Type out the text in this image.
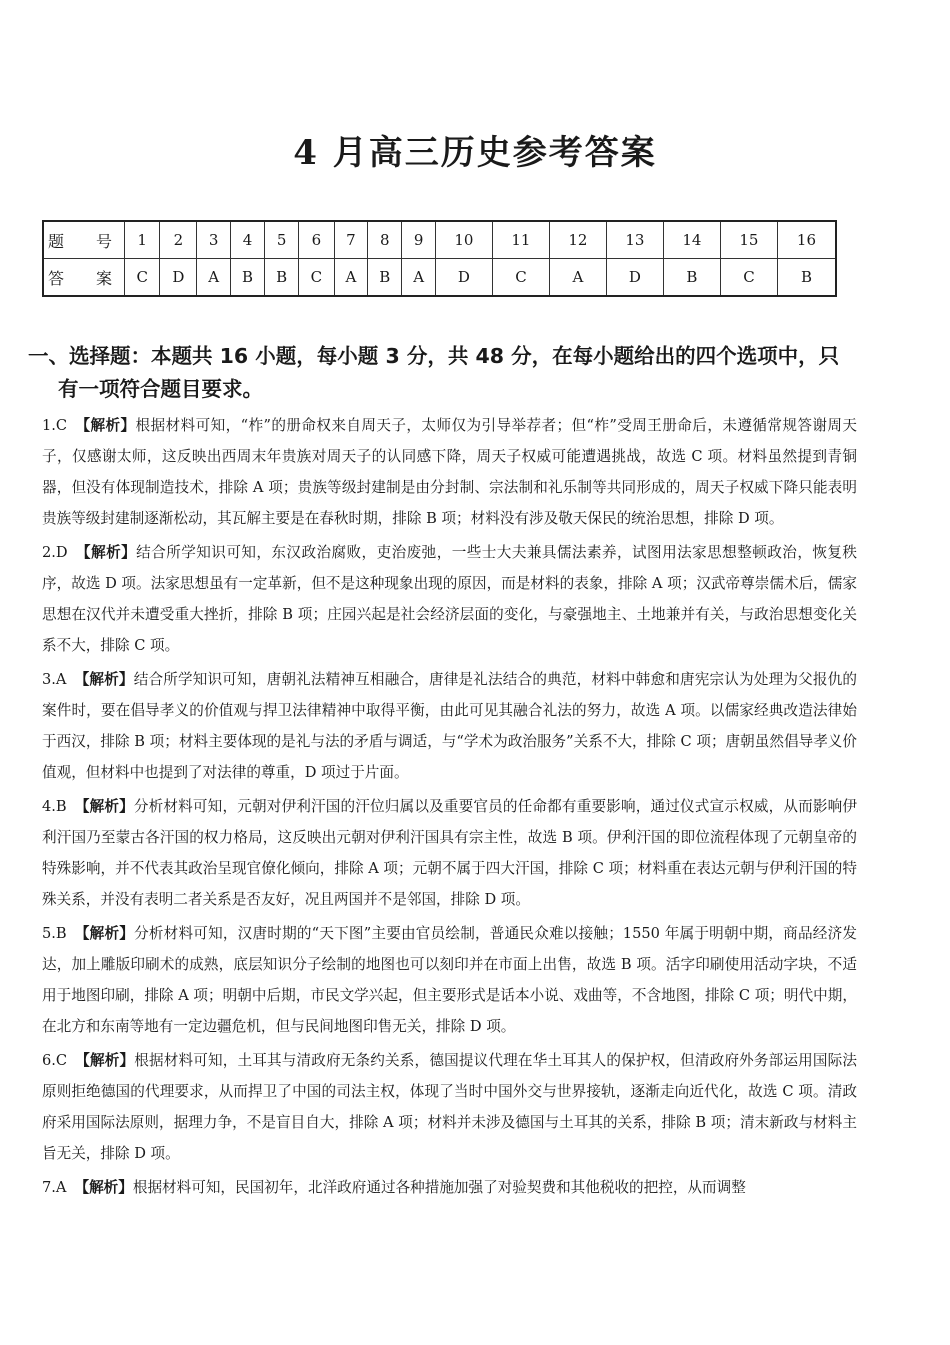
4 月高三历史参考答案
题　号	1	2	3	4	5	6	7	8	9	10	11	12	13	14	15	16
答　案	C	D	A	B	B	C	A	B	A	D	C	A	D	B	C	B
一、选择题：本题共 16 小题，每小题 3 分，共 48 分，在每小题给出的四个选项中，只
有一项符合题目要求。

1.C 【解析】根据材料可知，“柞”的册命权来自周天子，太师仅为引导举荐者；但“柞”受周王册命后，未遵循常规答谢周天子，仅感谢太师，这反映出西周末年贵族对周天子的认同感下降，周天子权威可能遭遇挑战，故选 C 项。材料虽然提到青铜器，但没有体现制造技术，排除 A 项；贵族等级封建制是由分封制、宗法制和礼乐制等共同形成的，周天子权威下降只能表明贵族等级封建制逐渐松动，其瓦解主要是在春秋时期，排除 B 项；材料没有涉及敬天保民的统治思想，排除 D 项。

2.D 【解析】结合所学知识可知，东汉政治腐败，吏治废弛，一些士大夫兼具儒法素养，试图用法家思想整顿政治，恢复秩序，故选 D 项。法家思想虽有一定革新，但不是这种现象出现的原因，而是材料的表象，排除 A 项；汉武帝尊崇儒术后，儒家思想在汉代并未遭受重大挫折，排除 B 项；庄园兴起是社会经济层面的变化，与豪强地主、土地兼并有关，与政治思想变化关系不大，排除 C 项。

3.A 【解析】结合所学知识可知，唐朝礼法精神互相融合，唐律是礼法结合的典范，材料中韩愈和唐宪宗认为处理为父报仇的案件时，要在倡导孝义的价值观与捍卫法律精神中取得平衡，由此可见其融合礼法的努力，故选 A 项。以儒家经典改造法律始于西汉，排除 B 项；材料主要体现的是礼与法的矛盾与调适，与“学术为政治服务”关系不大，排除 C 项；唐朝虽然倡导孝义价值观，但材料中也提到了对法律的尊重，D 项过于片面。

4.B 【解析】分析材料可知，元朝对伊利汗国的汗位归属以及重要官员的任命都有重要影响，通过仪式宣示权威，从而影响伊利汗国乃至蒙古各汗国的权力格局，这反映出元朝对伊利汗国具有宗主性，故选 B 项。伊利汗国的即位流程体现了元朝皇帝的特殊影响，并不代表其政治呈现官僚化倾向，排除 A 项；元朝不属于四大汗国，排除 C 项；材料重在表达元朝与伊利汗国的特殊关系，并没有表明二者关系是否友好，况且两国并不是邻国，排除 D 项。

5.B 【解析】分析材料可知，汉唐时期的“天下图”主要由官员绘制，普通民众难以接触；1550 年属于明朝中期，商品经济发达，加上雕版印刷术的成熟，底层知识分子绘制的地图也可以刻印并在市面上出售，故选 B 项。活字印刷使用活动字块，不适用于地图印刷，排除 A 项；明朝中后期，市民文学兴起，但主要形式是话本小说、戏曲等，不含地图，排除 C 项；明代中期，在北方和东南等地有一定边疆危机，但与民间地图印售无关，排除 D 项。

6.C 【解析】根据材料可知，土耳其与清政府无条约关系，德国提议代理在华土耳其人的保护权，但清政府外务部运用国际法原则拒绝德国的代理要求，从而捍卫了中国的司法主权，体现了当时中国外交与世界接轨，逐渐走向近代化，故选 C 项。清政府采用国际法原则，据理力争，不是盲目自大，排除 A 项；材料并未涉及德国与土耳其的关系，排除 B 项；清末新政与材料主旨无关，排除 D 项。

7.A 【解析】根据材料可知，民国初年，北洋政府通过各种措施加强了对验契费和其他税收的把控，从而调整
